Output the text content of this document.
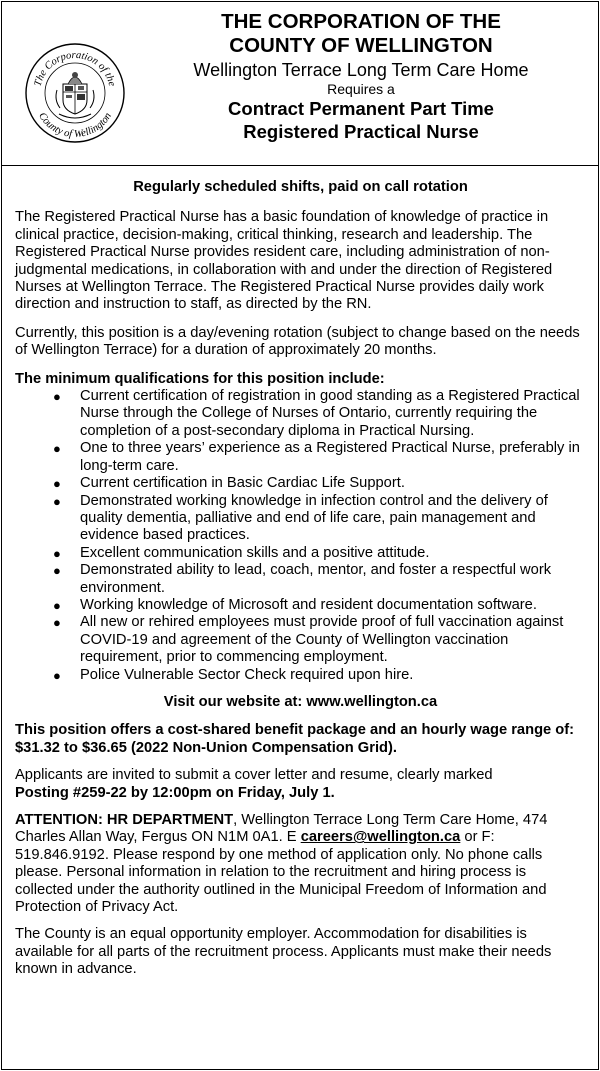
The Corporation of the
County of Wellington
THE CORPORATION OF THE
COUNTY OF WELLINGTON
Wellington Terrace Long Term Care Home
Requires a
Contract Permanent Part Time
Registered Practical Nurse
Regularly scheduled shifts, paid on call rotation
The Registered Practical Nurse has a basic foundation of knowledge of practice in clinical practice, decision-making, critical thinking, research and leadership. The Registered Practical Nurse provides resident care, including administration of non-judgmental medications, in collaboration with and under the direction of Registered Nurses at Wellington Terrace. The Registered Practical Nurse provides daily work direction and instruction to staff, as directed by the RN.
Currently, this position is a day/evening rotation (subject to change based on the needs of Wellington Terrace) for a duration of approximately 20 months.
The minimum qualifications for this position include:
● Current certification of registration in good standing as a Registered Practical Nurse through the College of Nurses of Ontario, currently requiring the completion of a post-secondary diploma in Practical Nursing.
● One to three years’ experience as a Registered Practical Nurse, preferably in long-term care.
● Current certification in Basic Cardiac Life Support.
● Demonstrated working knowledge in infection control and the delivery of quality dementia, palliative and end of life care, pain management and evidence based practices.
● Excellent communication skills and a positive attitude.
● Demonstrated ability to lead, coach, mentor, and foster a respectful work environment.
● Working knowledge of Microsoft and resident documentation software.
● All new or rehired employees must provide proof of full vaccination against COVID-19 and agreement of the County of Wellington vaccination requirement, prior to commencing employment.
● Police Vulnerable Sector Check required upon hire.
Visit our website at: www.wellington.ca
This position offers a cost-shared benefit package and an hourly wage range of: $31.32 to $36.65 (2022 Non-Union Compensation Grid).
Applicants are invited to submit a cover letter and resume, clearly marked
Posting #259-22 by 12:00pm on Friday, July 1.
ATTENTION: HR DEPARTMENT, Wellington Terrace Long Term Care Home, 474 Charles Allan Way, Fergus ON N1M 0A1. E careers@wellington.ca or F: 519.846.9192. Please respond by one method of application only. No phone calls please. Personal information in relation to the recruitment and hiring process is collected under the authority outlined in the Municipal Freedom of Information and Protection of Privacy Act.
The County is an equal opportunity employer. Accommodation for disabilities is available for all parts of the recruitment process. Applicants must make their needs known in advance.
